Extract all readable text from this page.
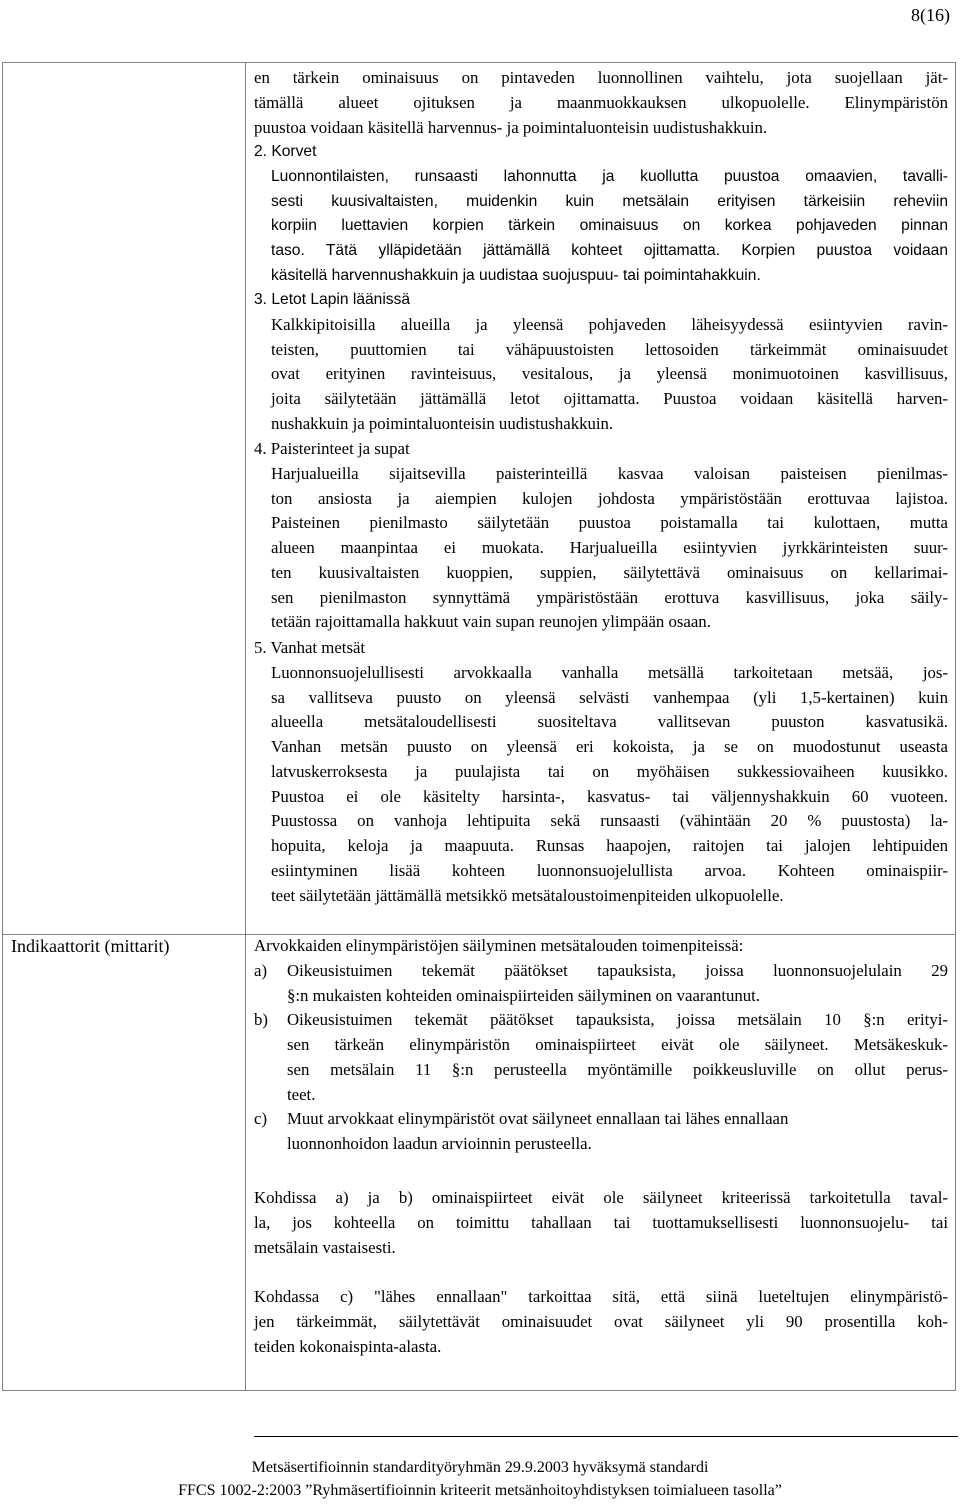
8(16)
Indikaattorit (mittarit)
en tärkein ominaisuus on pintaveden luonnollinen vaihtelu, jota suojellaan jät-
tämällä alueet ojituksen ja maanmuokkauksen ulkopuolelle. Elinympäristön
puustoa voidaan käsitellä harvennus- ja poimintaluonteisin uudistushakkuin.
2. Korvet
Luonnontilaisten, runsaasti lahonnutta ja kuollutta puustoa omaavien, tavalli-
sesti kuusivaltaisten, muidenkin kuin metsälain erityisen tärkeisiin reheviin
korpiin luettavien korpien tärkein ominaisuus on korkea pohjaveden pinnan
taso. Tätä ylläpidetään jättämällä kohteet ojittamatta. Korpien puustoa voidaan
käsitellä harvennushakkuin ja uudistaa suojuspuu- tai poimintahakkuin.
3. Letot Lapin läänissä
Kalkkipitoisilla alueilla ja yleensä pohjaveden läheisyydessä esiintyvien ravin-
teisten, puuttomien tai vähäpuustoisten lettosoiden tärkeimmät ominaisuudet
ovat erityinen ravinteisuus, vesitalous, ja yleensä monimuotoinen kasvillisuus,
joita säilytetään jättämällä letot ojittamatta. Puustoa voidaan käsitellä harven-
nushakkuin ja poimintaluonteisin uudistushakkuin.
4. Paisterinteet ja supat
Harjualueilla sijaitsevilla paisterinteillä kasvaa valoisan paisteisen pienilmas-
ton ansiosta ja aiempien kulojen johdosta ympäristöstään erottuvaa lajistoa.
Paisteinen pienilmasto säilytetään puustoa poistamalla tai kulottaen, mutta
alueen maanpintaa ei muokata. Harjualueilla esiintyvien jyrkkärinteisten suur-
ten kuusivaltaisten kuoppien, suppien, säilytettävä ominaisuus on kellarimai-
sen pienilmaston synnyttämä ympäristöstään erottuva kasvillisuus, joka säily-
tetään rajoittamalla hakkuut vain supan reunojen ylimpään osaan.
5. Vanhat metsät
Luonnonsuojelullisesti arvokkaalla vanhalla metsällä tarkoitetaan metsää, jos-
sa vallitseva puusto on yleensä selvästi vanhempaa (yli 1,5-kertainen) kuin
alueella metsätaloudellisesti suositeltava vallitsevan puuston kasvatusikä.
Vanhan metsän puusto on yleensä eri kokoista, ja se on muodostunut useasta
latvuskerroksesta ja puulajista tai on myöhäisen sukkessiovaiheen kuusikko.
Puustoa ei ole käsitelty harsinta-, kasvatus- tai väljennyshakkuin 60 vuoteen.
Puustossa on vanhoja lehtipuita sekä runsaasti (vähintään 20 % puustosta) la-
hopuita, keloja ja maapuuta. Runsas haapojen, raitojen tai jalojen lehtipuiden
esiintyminen lisää kohteen luonnonsuojelullista arvoa. Kohteen ominaispiir-
teet säilytetään jättämällä metsikkö metsätaloustoimenpiteiden ulkopuolelle.
Arvokkaiden elinympäristöjen säilyminen metsätalouden toimenpiteissä:
a) Oikeusistuimen tekemät päätökset tapauksista, joissa luonnonsuojelulain 29
§:n mukaisten kohteiden ominaispiirteiden säilyminen on vaarantunut.
b) Oikeusistuimen tekemät päätökset tapauksista, joissa metsälain 10 §:n erityi-
sen tärkeän elinympäristön ominaispiirteet eivät ole säilyneet. Metsäkeskuk-
sen metsälain 11 §:n perusteella myöntämille poikkeusluville on ollut perus-
teet.
c) Muut arvokkaat elinympäristöt ovat säilyneet ennallaan tai lähes ennallaan
luonnonhoidon laadun arvioinnin perusteella.
Kohdissa a) ja b) ominaispiirteet eivät ole säilyneet kriteerissä tarkoitetulla taval-
la, jos kohteella on toimittu tahallaan tai tuottamuksellisesti luonnonsuojelu- tai
metsälain vastaisesti.
Kohdassa c) "lähes ennallaan" tarkoittaa sitä, että siinä lueteltujen elinympäristö-
jen tärkeimmät, säilytettävät ominaisuudet ovat säilyneet yli 90 prosentilla koh-
teiden kokonaispinta-alasta.
Metsäsertifioinnin standardityöryhmän 29.9.2003 hyväksymä standardi
FFCS 1002-2:2003 ”Ryhmäsertifioinnin kriteerit metsänhoitoyhdistyksen toimialueen tasolla”
